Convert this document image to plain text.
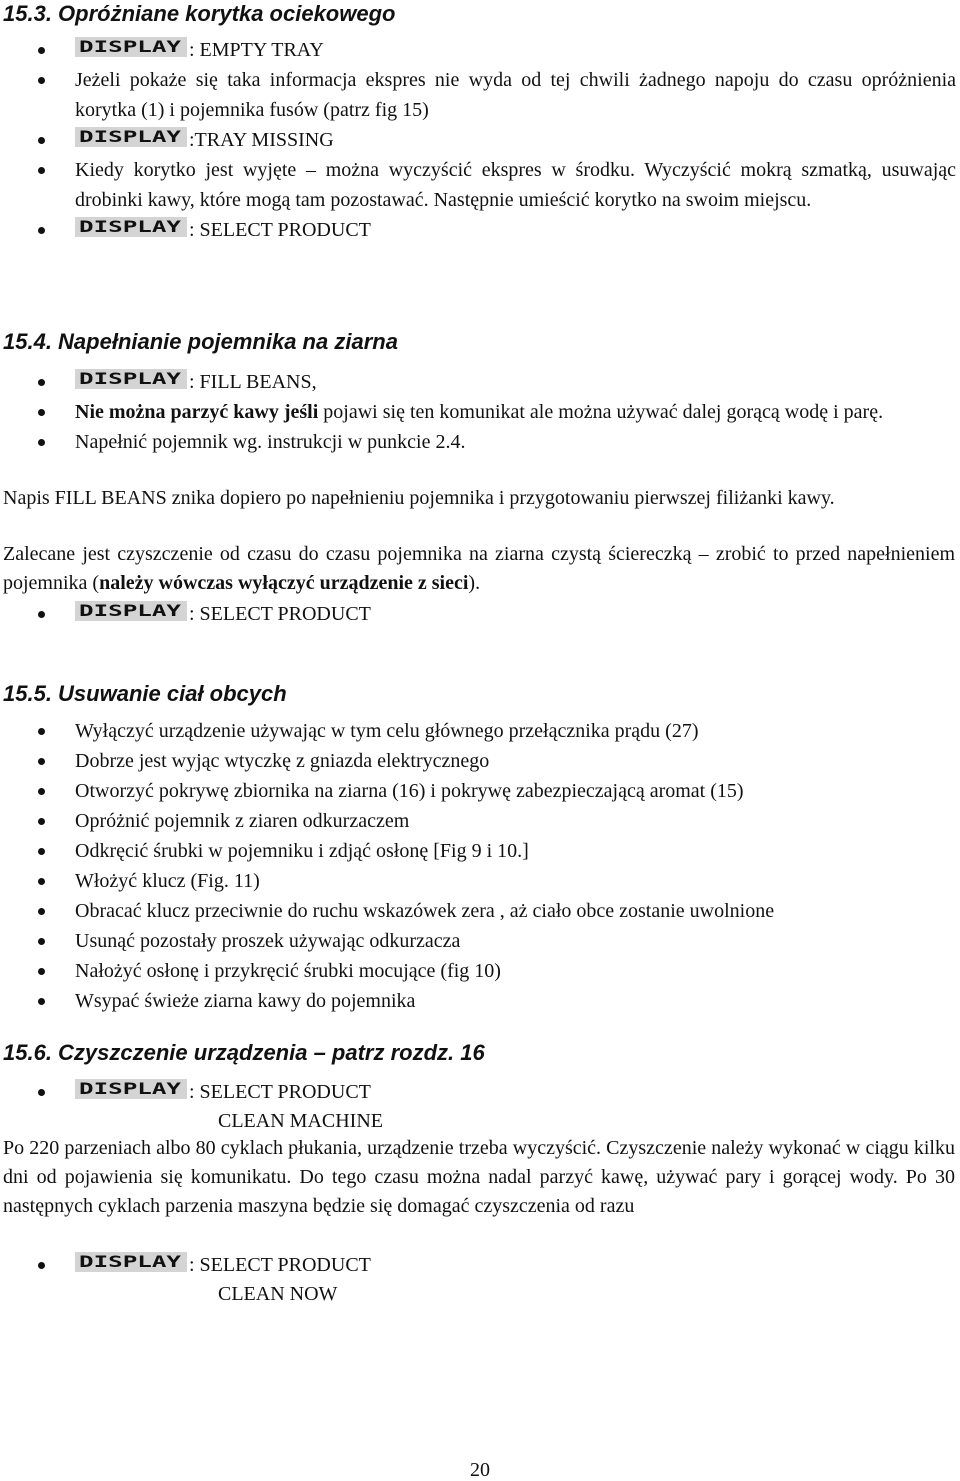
15.3. Opróżniane korytka ociekowego
DISPLAY : EMPTY TRAY
Jeżeli pokaże się taka informacja ekspres nie wyda od tej chwili żadnego napoju do czasu opróżnienia korytka (1) i pojemnika fusów (patrz fig 15)
DISPLAY :TRAY MISSING
Kiedy korytko jest wyjęte – można wyczyścić ekspres w środku. Wyczyścić mokrą szmatką, usuwając drobinki kawy, które mogą tam pozostawać. Następnie umieścić korytko na swoim miejscu.
DISPLAY : SELECT PRODUCT
15.4. Napełnianie pojemnika na ziarna
DISPLAY : FILL BEANS,
Nie można parzyć kawy jeśli pojawi się ten komunikat ale można używać dalej gorącą wodę i parę.
Napełnić pojemnik wg. instrukcji w punkcie 2.4.

Napis FILL BEANS znika dopiero po napełnieniu pojemnika i przygotowaniu pierwszej filiżanki kawy.

Zalecane jest czyszczenie od czasu do czasu pojemnika na ziarna czystą ściereczką – zrobić to przed napełnieniem pojemnika (należy wówczas wyłączyć urządzenie z sieci).

DISPLAY : SELECT PRODUCT
15.5. Usuwanie ciał obcych
Wyłączyć urządzenie używając w tym celu głównego przełącznika prądu (27)
Dobrze jest wyjąc wtyczkę z gniazda elektrycznego
Otworzyć pokrywę zbiornika na ziarna (16) i pokrywę zabezpieczającą aromat (15)
Opróżnić pojemnik z ziaren odkurzaczem
Odkręcić śrubki w pojemniku i zdjąć osłonę [Fig 9 i 10.]
Włożyć klucz (Fig. 11)
Obracać klucz przeciwnie do ruchu wskazówek zera , aż ciało obce zostanie uwolnione
Usunąć pozostały proszek używając odkurzacza
Nałożyć osłonę i przykręcić śrubki mocujące (fig 10)
Wsypać świeże ziarna kawy do pojemnika
15.6. Czyszczenie urządzenia – patrz rozdz. 16
DISPLAY : SELECT PRODUCT
CLEAN MACHINE

Po 220 parzeniach albo 80 cyklach płukania, urządzenie trzeba wyczyścić. Czyszczenie należy wykonać w ciągu kilku dni od pojawienia się komunikatu. Do tego czasu można nadal parzyć kawę, używać pary i gorącej wody. Po 30 następnych cyklach parzenia maszyna będzie się domagać czyszczenia od razu

DISPLAY : SELECT PRODUCT
CLEAN NOW
20
